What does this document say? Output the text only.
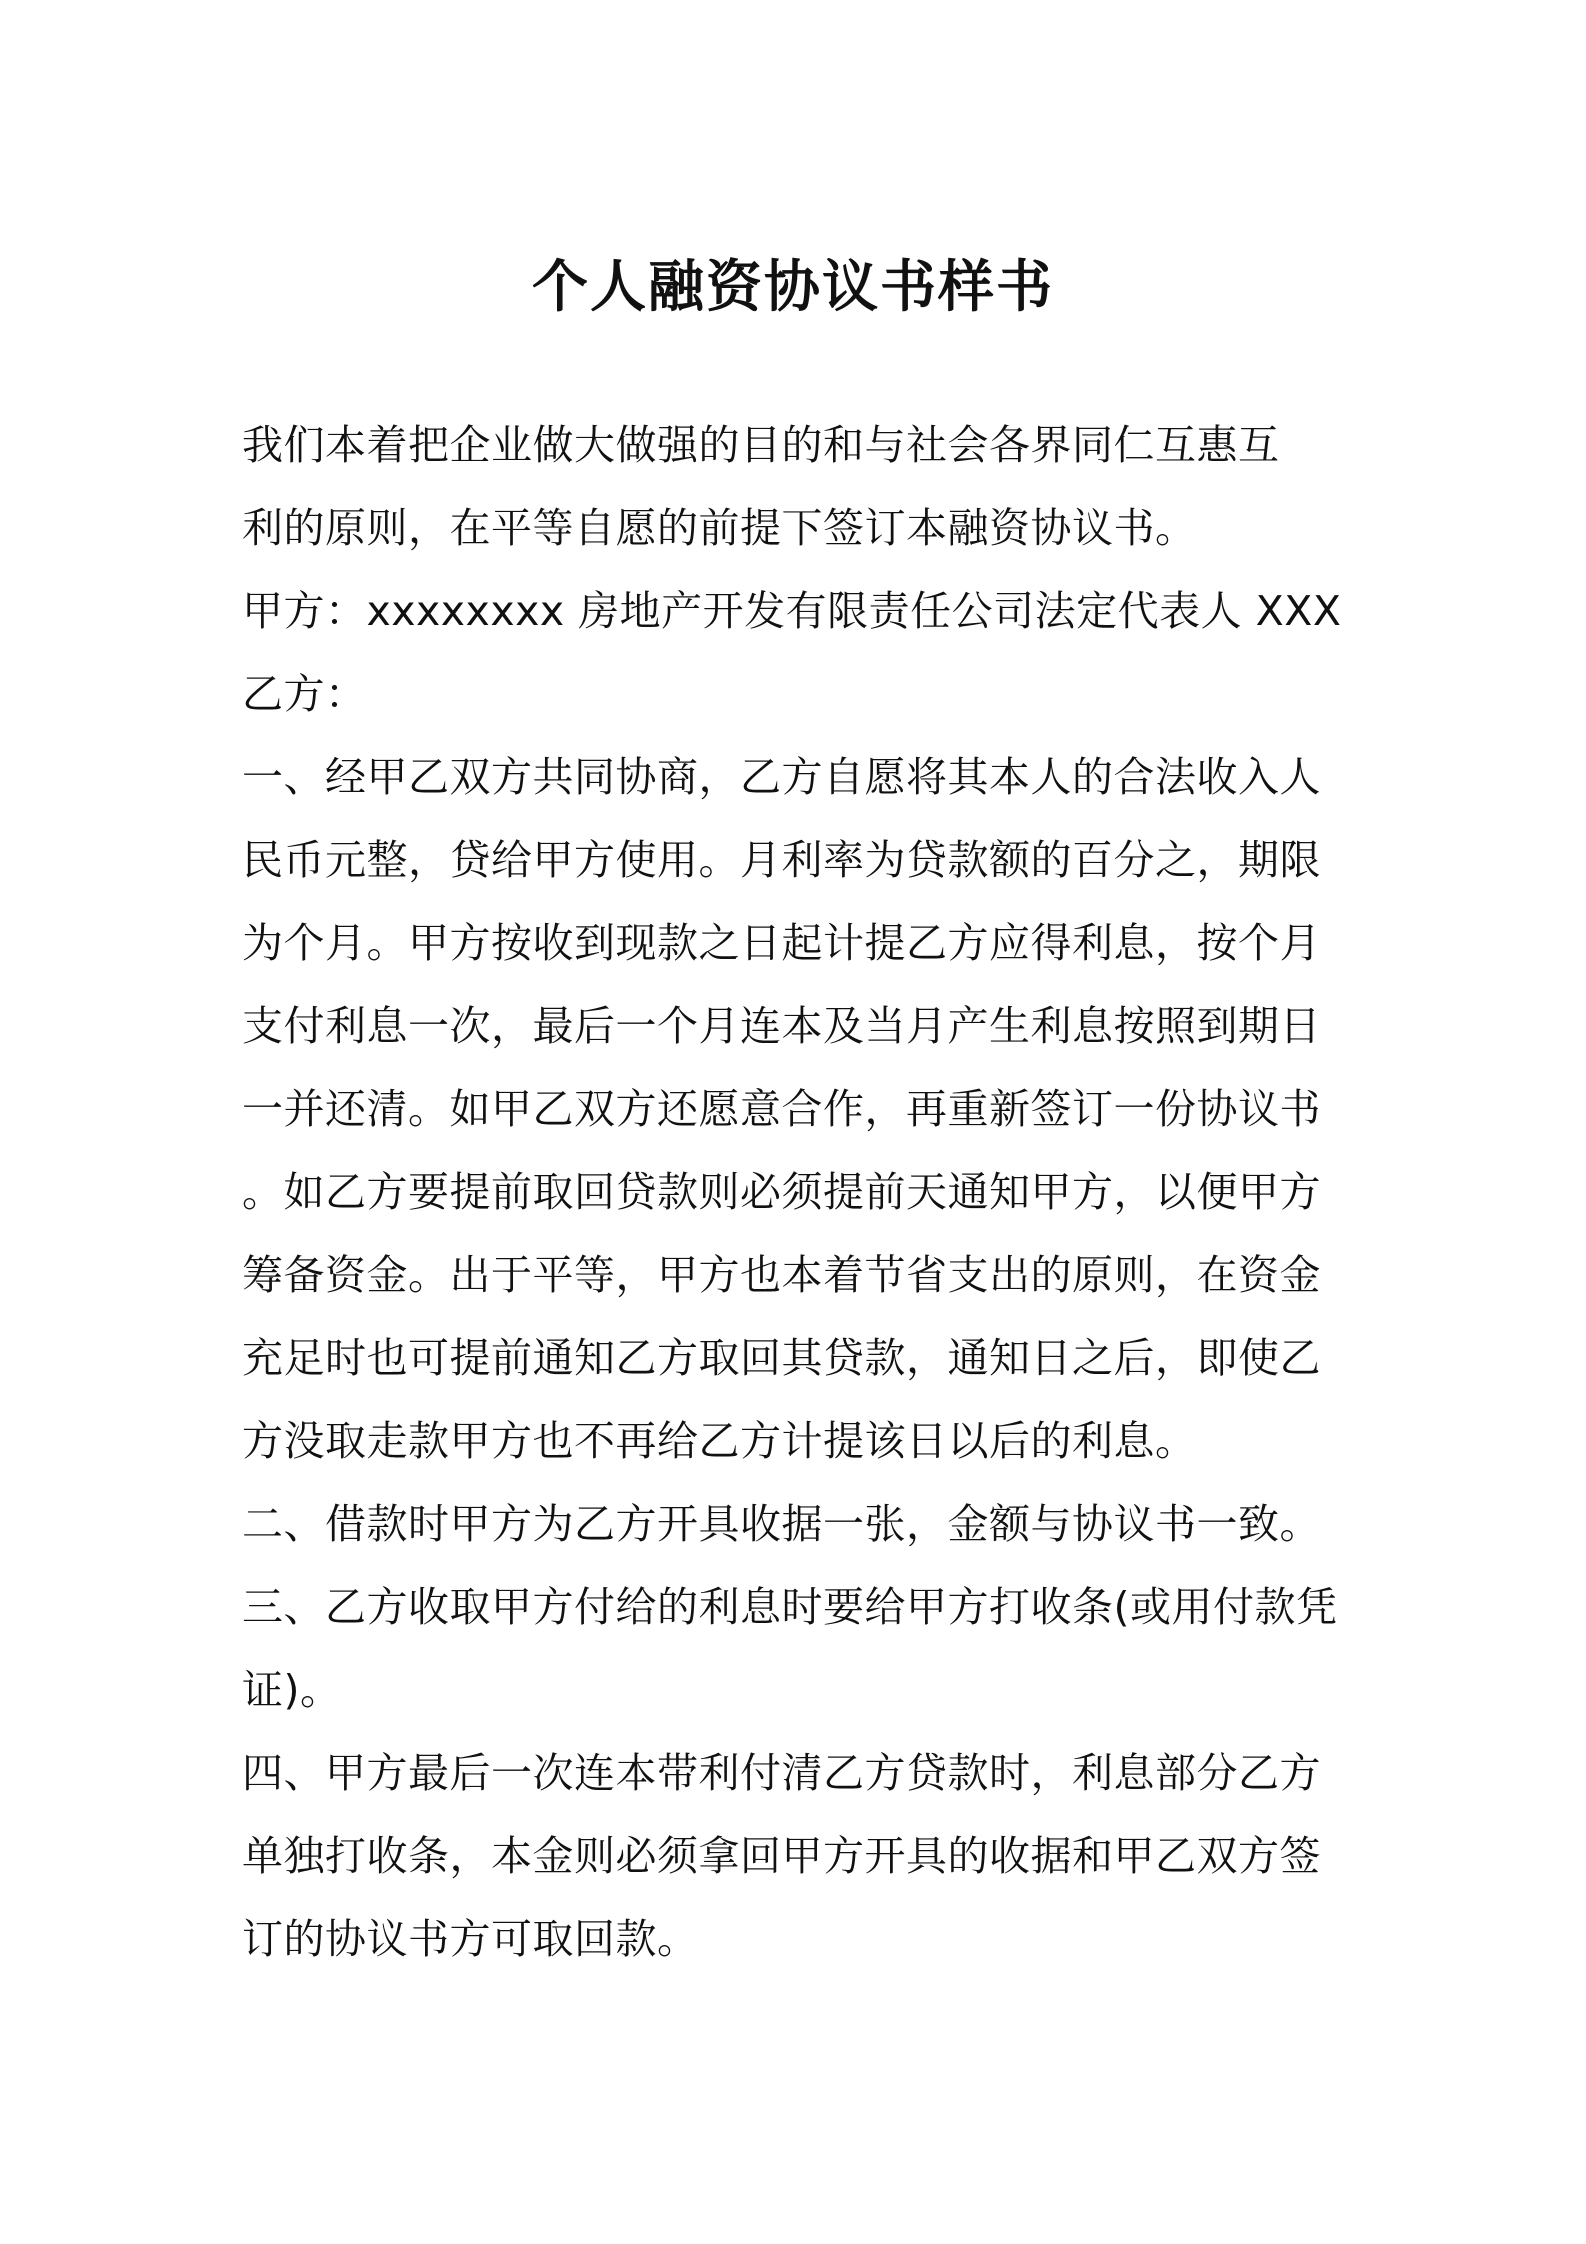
个人融资协议书样书
我们本着把企业做大做强的目的和与社会各界同仁互惠互
利的原则，在平等自愿的前提下签订本融资协议书。
甲方：xxxxxxxx 房地产开发有限责任公司法定代表人 XXX
乙方：
一、经甲乙双方共同协商，乙方自愿将其本人的合法收入人
民币元整，贷给甲方使用。月利率为贷款额的百分之，期限
为个月。甲方按收到现款之日起计提乙方应得利息，按个月
支付利息一次，最后一个月连本及当月产生利息按照到期日
一并还清。如甲乙双方还愿意合作，再重新签订一份协议书
。如乙方要提前取回贷款则必须提前天通知甲方，以便甲方
筹备资金。出于平等，甲方也本着节省支出的原则，在资金
充足时也可提前通知乙方取回其贷款，通知日之后，即使乙
方没取走款甲方也不再给乙方计提该日以后的利息。
二、借款时甲方为乙方开具收据一张，金额与协议书一致。
三、乙方收取甲方付给的利息时要给甲方打收条(或用付款凭
证)。
四、甲方最后一次连本带利付清乙方贷款时，利息部分乙方
单独打收条，本金则必须拿回甲方开具的收据和甲乙双方签
订的协议书方可取回款。
